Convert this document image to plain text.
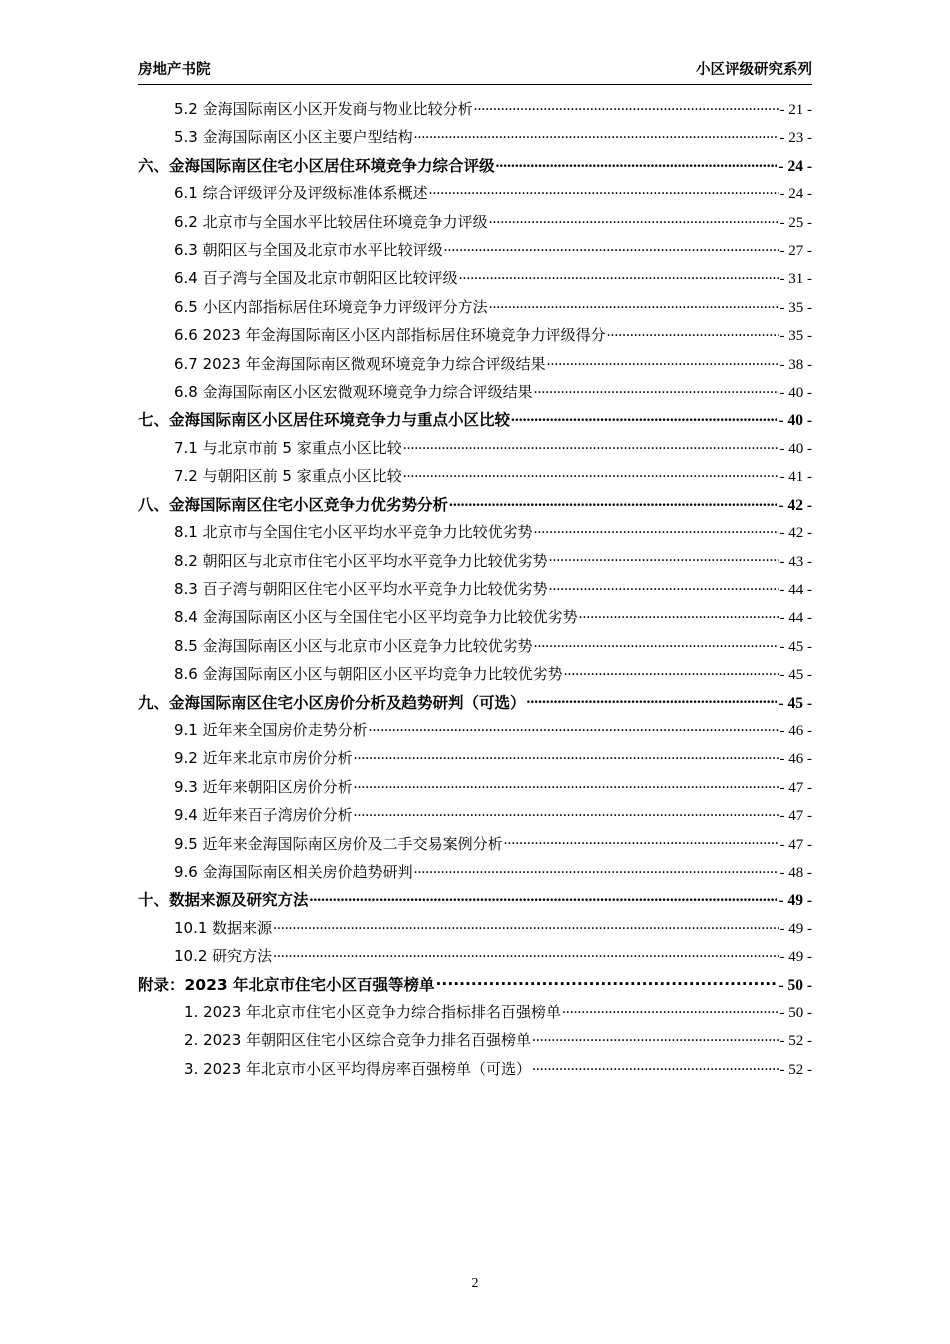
房地产书院	小区评级研究系列
5.2 金海国际南区小区开发商与物业比较分析 .....	- 21 -
5.3 金海国际南区小区主要户型结构 .....	- 23 -
六、金海国际南区住宅小区居住环境竞争力综合评级 .....	- 24 -
6.1 综合评级评分及评级标准体系概述 .....	- 24 -
6.2 北京市与全国水平比较居住环境竞争力评级 .....	- 25 -
6.3 朝阳区与全国及北京市水平比较评级 .....	- 27 -
6.4 百子湾与全国及北京市朝阳区比较评级 .....	- 31 -
6.5 小区内部指标居住环境竞争力评级评分方法 .....	- 35 -
6.6 2023 年金海国际南区小区内部指标居住环境竞争力评级得分 .....	- 35 -
6.7 2023 年金海国际南区微观环境竞争力综合评级结果 .....	- 38 -
6.8 金海国际南区小区宏微观环境竞争力综合评级结果 .....	- 40 -
七、金海国际南区小区居住环境竞争力与重点小区比较 .....	- 40 -
7.1 与北京市前 5 家重点小区比较 .....	- 40 -
7.2 与朝阳区前 5 家重点小区比较 .....	- 41 -
八、金海国际南区住宅小区竞争力优劣势分析 .....	- 42 -
8.1 北京市与全国住宅小区平均水平竞争力比较优劣势 .....	- 42 -
8.2 朝阳区与北京市住宅小区平均水平竞争力比较优劣势 .....	- 43 -
8.3 百子湾与朝阳区住宅小区平均水平竞争力比较优劣势 .....	- 44 -
8.4 金海国际南区小区与全国住宅小区平均竞争力比较优劣势 .....	- 44 -
8.5 金海国际南区小区与北京市小区竞争力比较优劣势 .....	- 45 -
8.6 金海国际南区小区与朝阳区小区平均竞争力比较优劣势 .....	- 45 -
九、金海国际南区住宅小区房价分析及趋势研判（可选） .....	- 45 -
9.1 近年来全国房价走势分析 .....	- 46 -
9.2 近年来北京市房价分析 .....	- 46 -
9.3 近年来朝阳区房价分析 .....	- 47 -
9.4 近年来百子湾房价分析 .....	- 47 -
9.5 近年来金海国际南区房价及二手交易案例分析 .....	- 47 -
9.6 金海国际南区相关房价趋势研判 .....	- 48 -
十、数据来源及研究方法 .....	- 49 -
10.1 数据来源 .....	- 49 -
10.2 研究方法 .....	- 49 -
附录：2023 年北京市住宅小区百强等榜单 .....	- 50 -
1. 2023 年北京市住宅小区竞争力综合指标排名百强榜单 .....	- 50 -
2. 2023 年朝阳区住宅小区综合竞争力排名百强榜单 .....	- 52 -
3. 2023 年北京市小区平均得房率百强榜单（可选） .....	- 52 -
2
